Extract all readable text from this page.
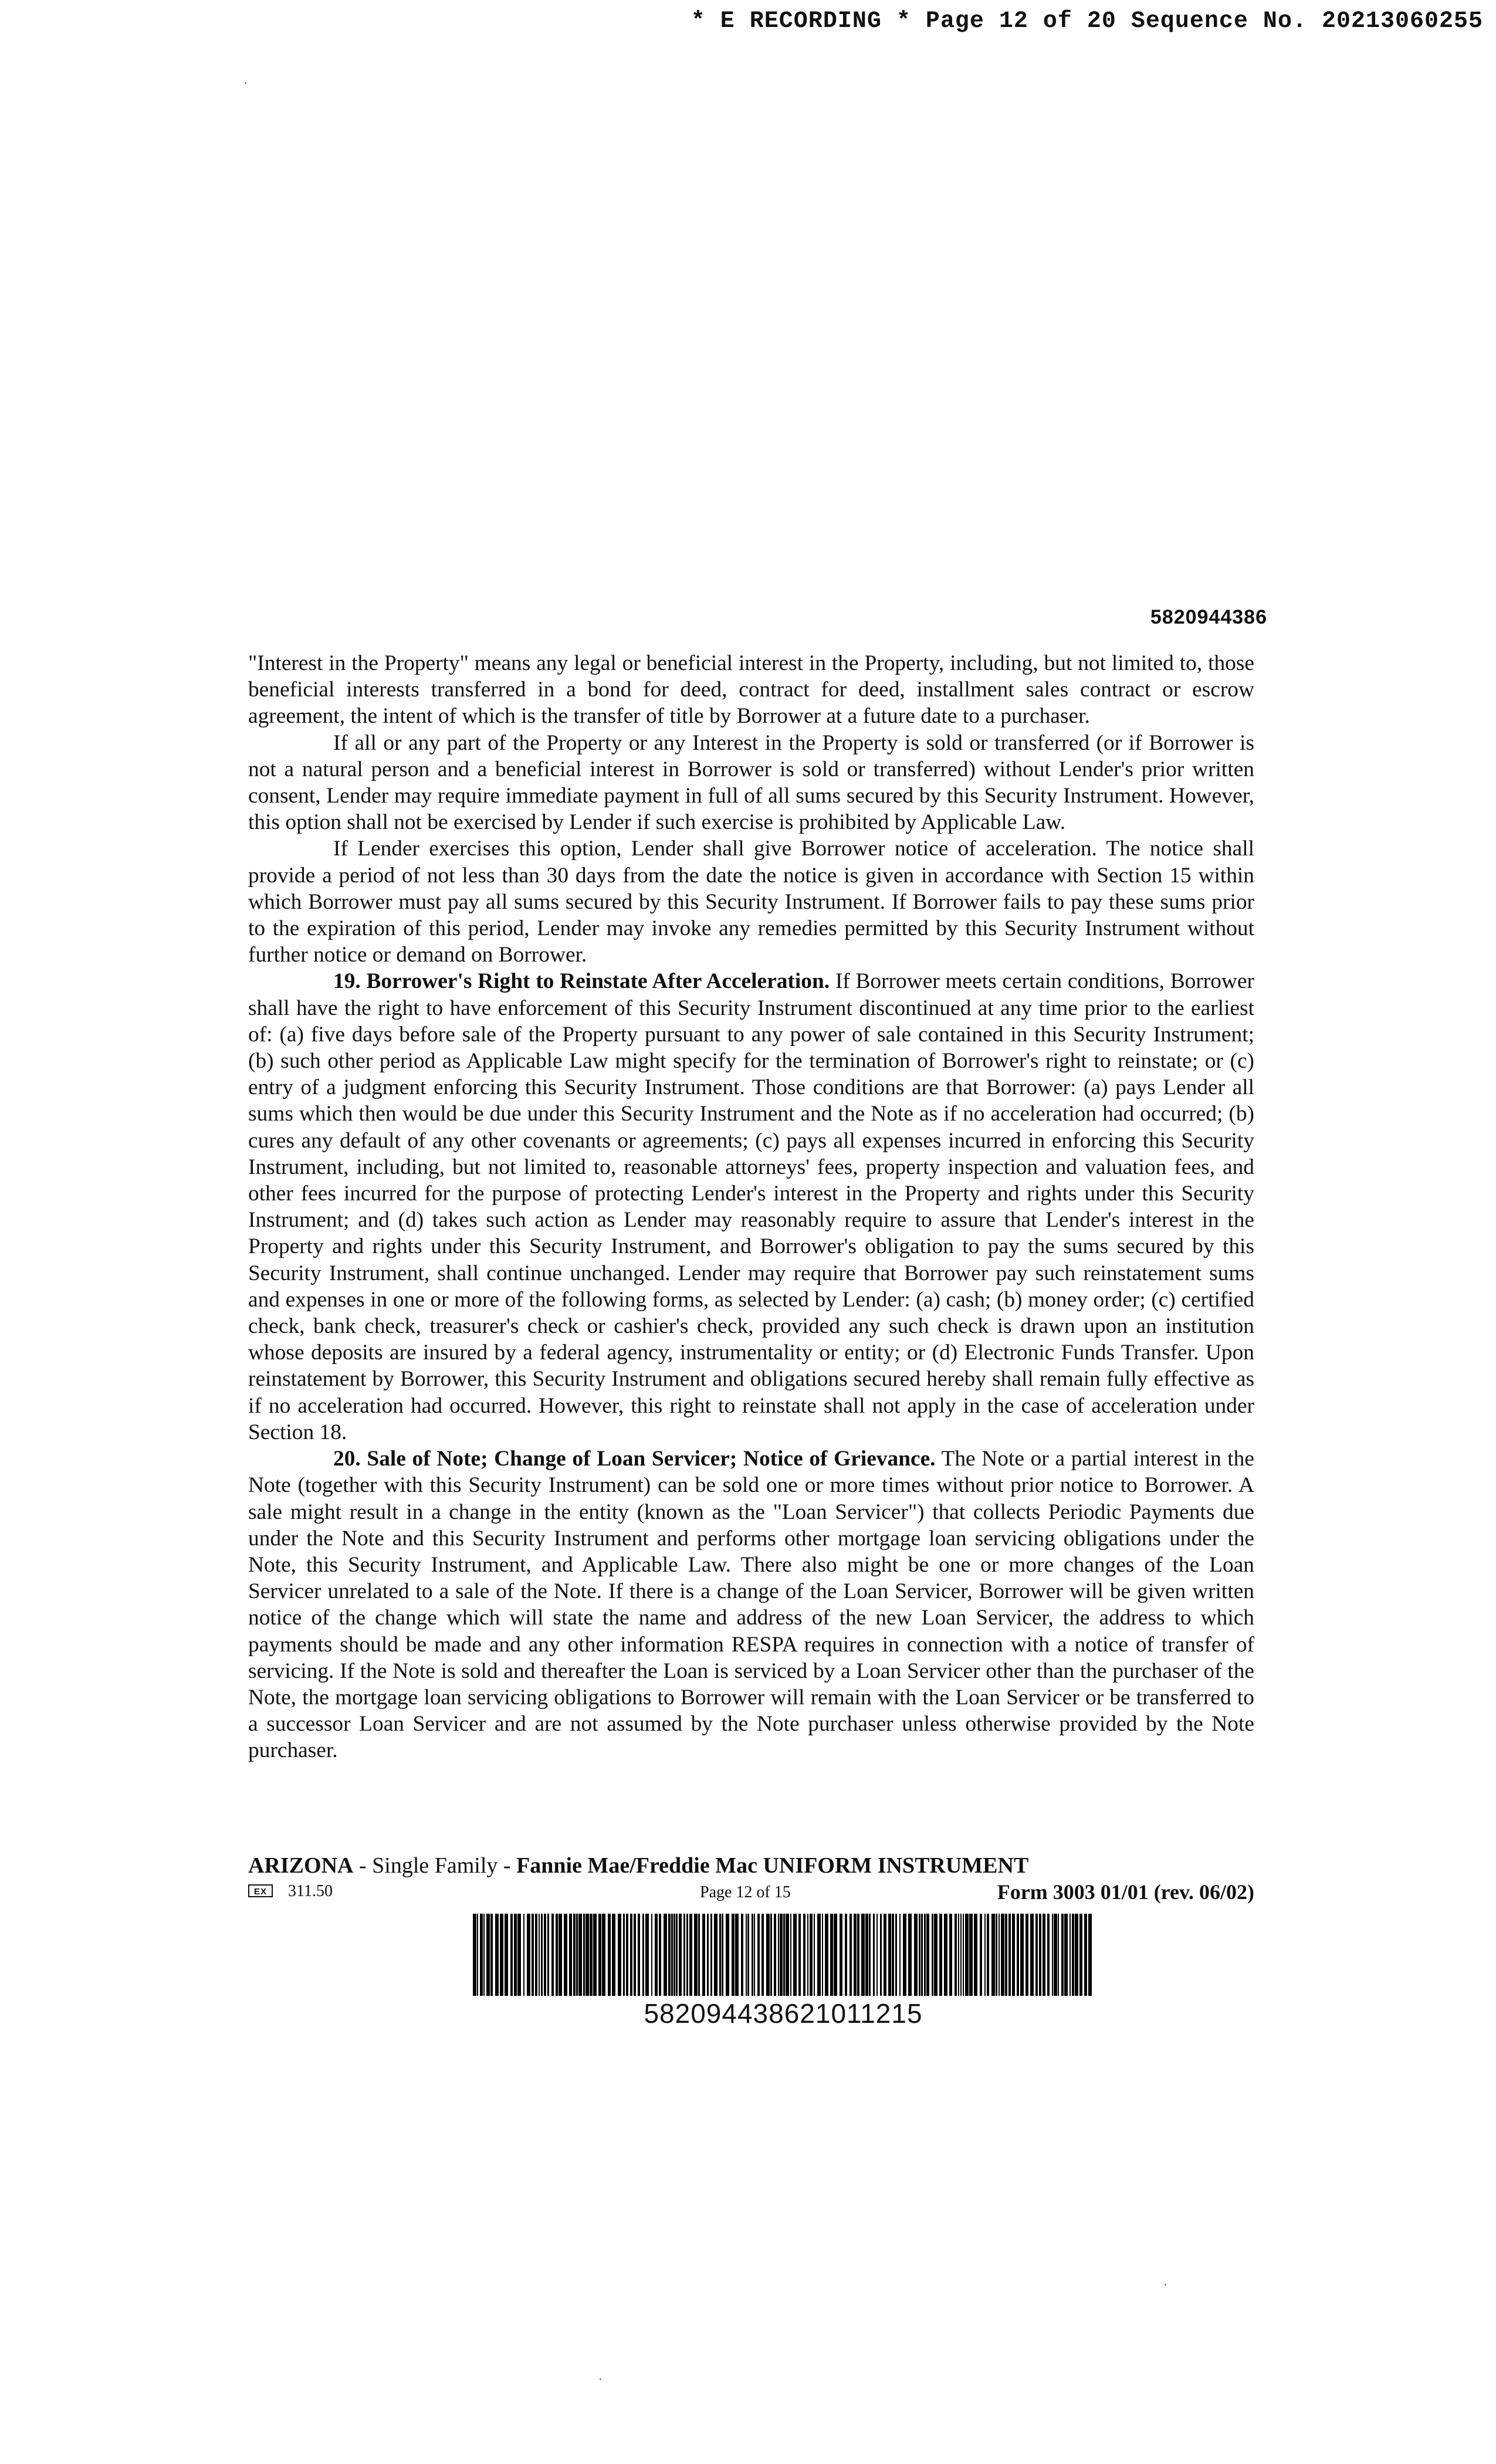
* E RECORDING * Page 12 of 20 Sequence No. 20213060255
5820944386

"Interest in the Property" means any legal or beneficial interest in the Property, including, but not limited to, those beneficial interests transferred in a bond for deed, contract for deed, installment sales contract or escrow agreement, the intent of which is the transfer of title by Borrower at a future date to a purchaser.

If all or any part of the Property or any Interest in the Property is sold or transferred (or if Borrower is not a natural person and a beneficial interest in Borrower is sold or transferred) without Lender's prior written consent, Lender may require immediate payment in full of all sums secured by this Security Instrument. However, this option shall not be exercised by Lender if such exercise is prohibited by Applicable Law.

If Lender exercises this option, Lender shall give Borrower notice of acceleration. The notice shall provide a period of not less than 30 days from the date the notice is given in accordance with Section 15 within which Borrower must pay all sums secured by this Security Instrument. If Borrower fails to pay these sums prior to the expiration of this period, Lender may invoke any remedies permitted by this Security Instrument without further notice or demand on Borrower.

19. Borrower's Right to Reinstate After Acceleration. If Borrower meets certain conditions, Borrower shall have the right to have enforcement of this Security Instrument discontinued at any time prior to the earliest of: (a) five days before sale of the Property pursuant to any power of sale contained in this Security Instrument; (b) such other period as Applicable Law might specify for the termination of Borrower's right to reinstate; or (c) entry of a judgment enforcing this Security Instrument. Those conditions are that Borrower: (a) pays Lender all sums which then would be due under this Security Instrument and the Note as if no acceleration had occurred; (b) cures any default of any other covenants or agreements; (c) pays all expenses incurred in enforcing this Security Instrument, including, but not limited to, reasonable attorneys' fees, property inspection and valuation fees, and other fees incurred for the purpose of protecting Lender's interest in the Property and rights under this Security Instrument; and (d) takes such action as Lender may reasonably require to assure that Lender's interest in the Property and rights under this Security Instrument, and Borrower's obligation to pay the sums secured by this Security Instrument, shall continue unchanged. Lender may require that Borrower pay such reinstatement sums and expenses in one or more of the following forms, as selected by Lender: (a) cash; (b) money order; (c) certified check, bank check, treasurer's check or cashier's check, provided any such check is drawn upon an institution whose deposits are insured by a federal agency, instrumentality or entity; or (d) Electronic Funds Transfer. Upon reinstatement by Borrower, this Security Instrument and obligations secured hereby shall remain fully effective as if no acceleration had occurred. However, this right to reinstate shall not apply in the case of acceleration under Section 18.

20. Sale of Note; Change of Loan Servicer; Notice of Grievance. The Note or a partial interest in the Note (together with this Security Instrument) can be sold one or more times without prior notice to Borrower. A sale might result in a change in the entity (known as the "Loan Servicer") that collects Periodic Payments due under the Note and this Security Instrument and performs other mortgage loan servicing obligations under the Note, this Security Instrument, and Applicable Law. There also might be one or more changes of the Loan Servicer unrelated to a sale of the Note. If there is a change of the Loan Servicer, Borrower will be given written notice of the change which will state the name and address of the new Loan Servicer, the address to which payments should be made and any other information RESPA requires in connection with a notice of transfer of servicing. If the Note is sold and thereafter the Loan is serviced by a Loan Servicer other than the purchaser of the Note, the mortgage loan servicing obligations to Borrower will remain with the Loan Servicer or be transferred to a successor Loan Servicer and are not assumed by the Note purchaser unless otherwise provided by the Note purchaser.

ARIZONA - Single Family - Fannie Mae/Freddie Mac UNIFORM INSTRUMENT
EX	311.50	Page 12 of 15	Form 3003 01/01 (rev. 06/02)
58209443862101121​5
